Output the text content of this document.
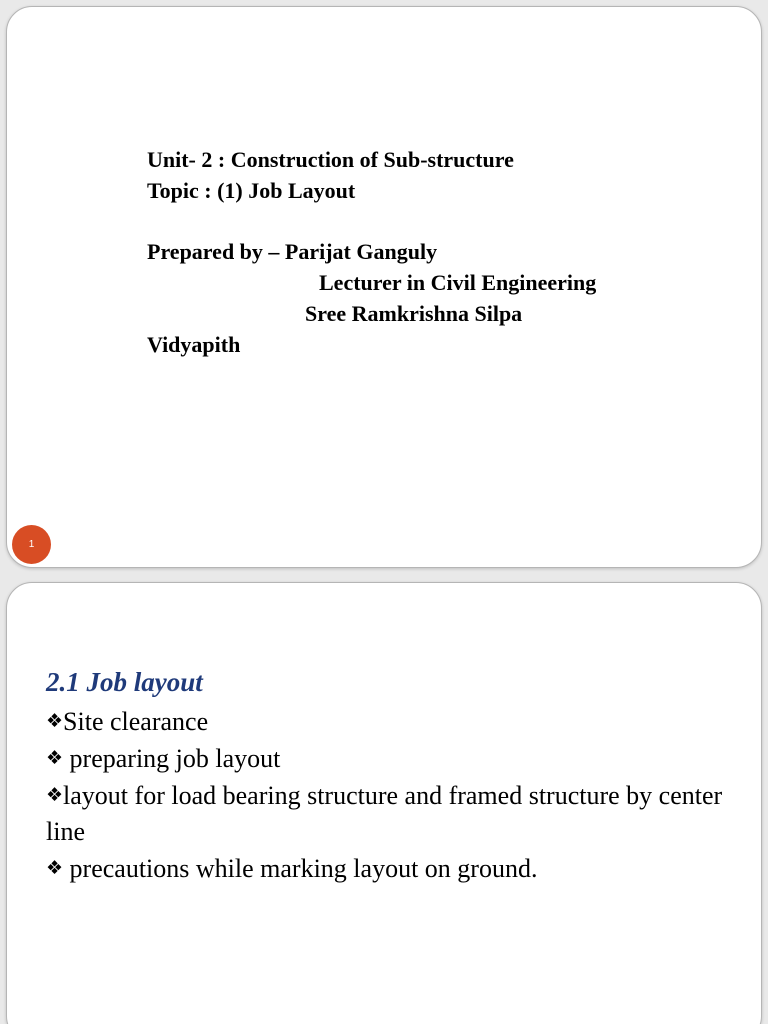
Unit- 2 : Construction of Sub-structure
Topic : (1) Job Layout
Prepared by – Parijat Ganguly
Lecturer in Civil Engineering
Sree Ramkrishna Silpa
Vidyapith
1
2.1 Job layout

❖Site clearance

❖ preparing job layout

❖layout for load bearing structure and framed structure by center line

❖ precautions while marking layout on ground.
